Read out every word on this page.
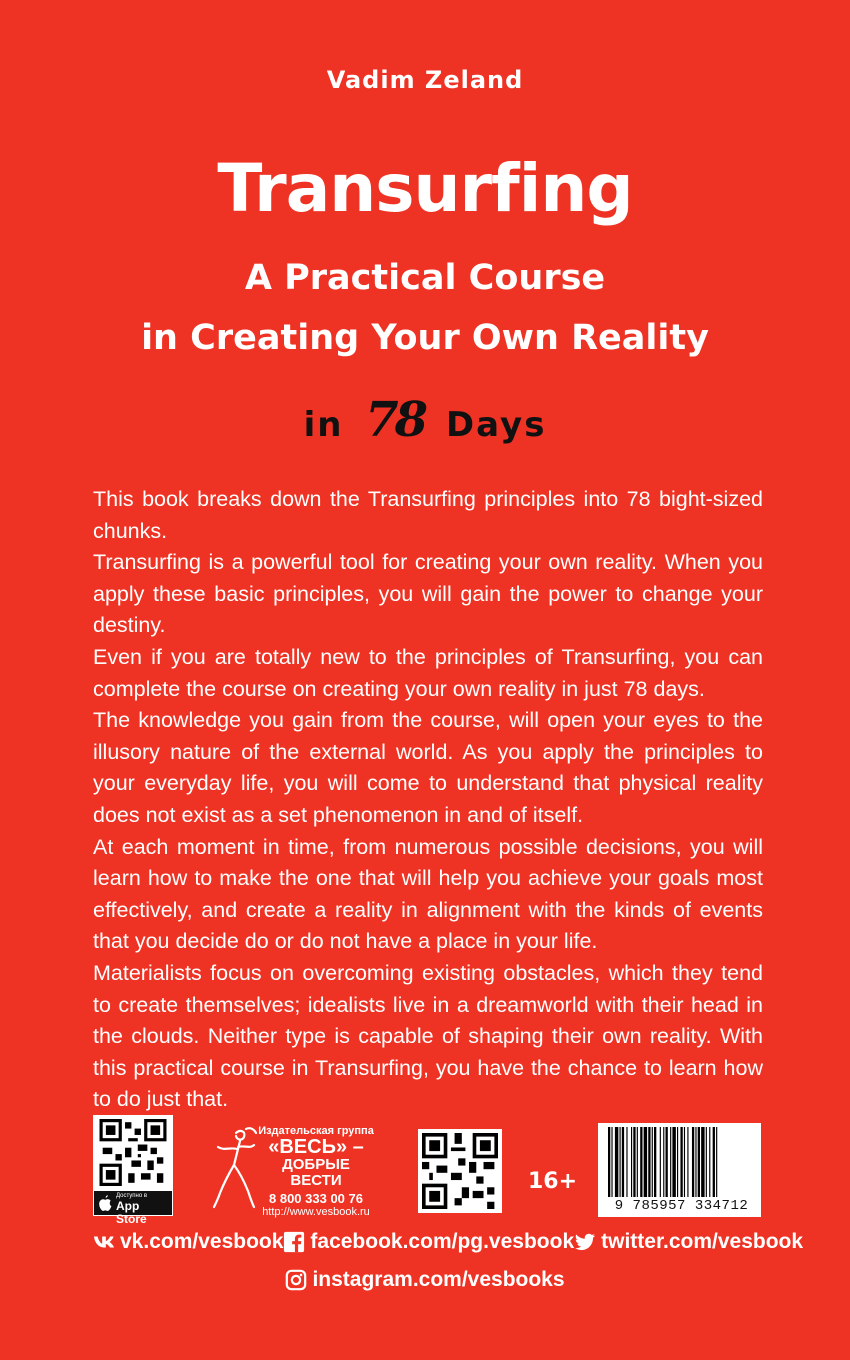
Vadim Zeland
Transurfing
A Practical Course
in Creating Your Own Reality
in 78 Days

This book breaks down the Transurfing principles into 78 bight-sized chunks.

Transurfing is a powerful tool for creating your own reality. When you apply these basic principles, you will gain the power to change your destiny.

Even if you are totally new to the principles of Transurfing, you can complete the course on creating your own reality in just 78 days.

The knowledge you gain from the course, will open your eyes to the illusory nature of the external world. As you apply the principles to your everyday life, you will come to understand that physical reality does not exist as a set phenomenon in and of itself.

At each moment in time, from numerous possible decisions, you will learn how to make the one that will help you achieve your goals most effectively, and create a reality in alignment with the kinds of events that you decide do or do not have a place in your life.

Materialists focus on overcoming existing obstacles, which they tend to create themselves; idealists live in a dreamworld with their head in the clouds. Neither type is capable of shaping their own reality. With this practical course in Transurfing, you have the chance to learn how to do just that.

Доступно в
App Store
Издательская группа
«ВЕСЬ» –
ДОБРЫЕ ВЕСТИ
8 800 333 00 76
http://www.vesbook.ru
16+
9 785957 334712
vk.com/vesbook facebook.com/pg.vesbook twitter.com/vesbook
instagram.com/vesbooks
